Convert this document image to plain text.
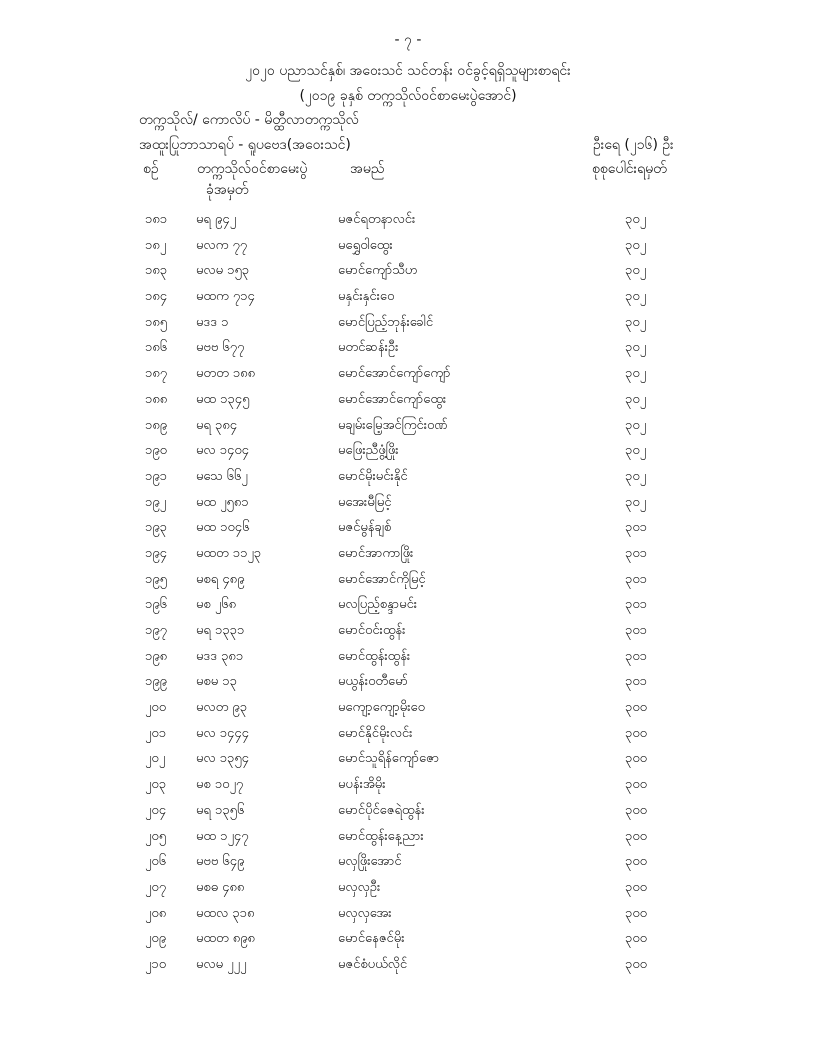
- ၇ -
၂၀၂၀ ပညာသင်နှစ်၊ အဝေးသင် သင်တန်း ဝင်ခွင့်ရရှိသူများစာရင်း
(၂၀၁၉ ခုနှစ် တက္ကသိုလ်ဝင်စာမေးပွဲအောင်)
တက္ကသိုလ်/ ကောလိပ် - မိတ္ထီလာတက္ကသိုလ်
အထူးပြုဘာသာရပ် - ရူပဗေဒ(အဝေးသင်)	ဦးရေ (၂၁၆) ဦး
စဉ်	တက္ကသိုလ်ဝင်စာမေးပွဲ
ခုံအမှတ်
အမည်	စုစုပေါင်းရမှတ်
၁၈၁ မရ ၉၄၂	မဇင်ရတနာလင်း	၃၀၂
၁၈၂ မလက ၇၇	မရွှေဝါထွေး	၃၀၂
၁၈၃ မလမ ၁၅၃	မောင်ကျော်သီဟ	၃၀၂
၁၈၄ မထက ၇၁၄	မနှင်းနှင်းဝေ	၃၀၂
၁၈၅ မဒဒ ၁	မောင်ပြည့်ဘုန်းခေါင်	၃၀၂
၁၈၆ မဗဗ ၆၇၇	မတင်ဆန်းဦး	၃၀၂
၁၈၇ မတတ ၁၈၈	မောင်အောင်ကျော်ကျော်	၃၀၂
၁၈၈ မထ ၁၃၄၅	မောင်အောင်ကျော်ထွေး	၃၀၂
၁၈၉ မရ ၃၈၄	မချမ်းမြေ့အင်ကြင်းဝဏ်	၃၀၂
၁၉၀ မလ ၁၄၀၄	မဖြေးညီဖွံ့ဖြိုး	၃၀၂
၁၉၁ မသေ ၆၆၂	မောင်မိုးမင်းနိုင်	၃၀၂
၁၉၂ မထ ၂၅၈၁	မအေးမီမြင့်	၃၀၂
၁၉၃ မထ ၁၀၄၆	မဇင်မွန်ချစ်	၃၀၁
၁၉၄ မထတ ၁၁၂၃	မောင်အာကာဖြိုး	၃၀၁
၁၉၅ မစရ ၄၈၉	မောင်အောင်ကိုမြင့်	၃၀၁
၁၉၆ မစ ၂၆၈	မလပြည့်စန္ဒာမင်း	၃၀၁
၁၉၇ မရ ၁၃၃၁	မောင်ဝင်းထွန်း	၃၀၁
၁၉၈ မဒဒ ၃၈၁	မောင်ထွန်းထွန်း	၃၀၁
၁၉၉ မစမ ၁၃	မယွန်းဝတီမော်	၃၀၁
၂၀၀ မလတ ၉၃	မကျော့ကျော့မိုးဝေ	၃၀၀
၂၀၁ မလ ၁၄၄၄	မောင်နိုင်မိုးလင်း	၃၀၀
၂၀၂ မလ ၁၃၅၄	မောင်သူရိန်ကျော်ဇော	၃၀၀
၂၀၃ မစ ၁၀၂၇	မပန်းအိမိုး	၃၀၀
၂၀၄ မရ ၁၃၅၆	မောင်ပိုင်ဇေရဲထွန်း	၃၀၀
၂၀၅ မထ ၁၂၄၇	မောင်ထွန်းနေ့ညား	၃၀၀
၂၀၆ မဗဗ ၆၄၉	မလှဖြိုးအောင်	၃၀၀
၂၀၇ မစဓ ၄၈၈	မလှလှဦး	၃၀၀
၂၀၈ မထလ ၃၁၈	မလှလှအေး	၃၀၀
၂၀၉ မထတ ၈၉၈	မောင်နေဇင်မိုး	၃၀၀
၂၁၀ မလမ ၂၂၂	မဇင်စံပယ်လိုင်	၃၀၀
